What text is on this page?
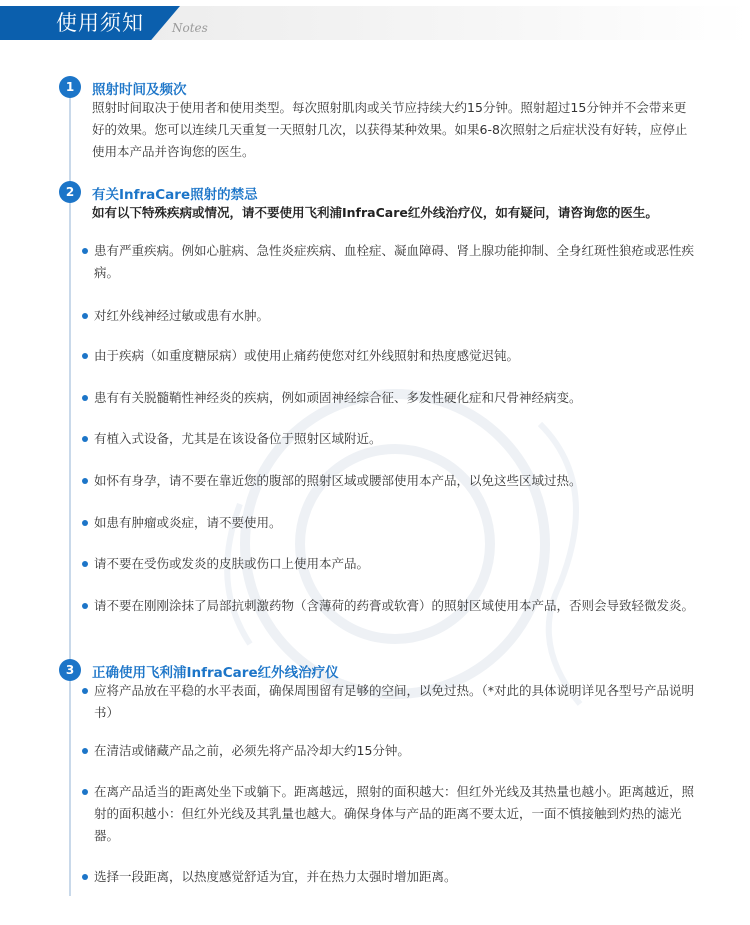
使用须知 Notes
1	照射时间及频次
照射时间取决于使用者和使用类型。每次照射肌肉或关节应持续大约15分钟。照射超过15分钟并不会带来更好的效果。您可以连续几天重复一天照射几次，以获得某种效果。如果6-8次照射之后症状没有好转，应停止使用本产品并咨询您的医生。
2	有关InfraCare照射的禁忌
如有以下特殊疾病或情况，请不要使用飞利浦InfraCare红外线治疗仪，如有疑问，请咨询您的医生。
患有严重疾病。例如心脏病、急性炎症疾病、血栓症、凝血障碍、肾上腺功能抑制、全身红斑性狼疮或恶性疾病。
对红外线神经过敏或患有水肿。
由于疾病（如重度糖尿病）或使用止痛药使您对红外线照射和热度感觉迟钝。
患有有关脱髓鞘性神经炎的疾病，例如顽固神经综合征、多发性硬化症和尺骨神经病变。
有植入式设备，尤其是在该设备位于照射区域附近。
如怀有身孕，请不要在靠近您的腹部的照射区域或腰部使用本产品，以免这些区域过热。
如患有肿瘤或炎症，请不要使用。
请不要在受伤或发炎的皮肤或伤口上使用本产品。
请不要在刚刚涂抹了局部抗刺激药物（含薄荷的药膏或软膏）的照射区域使用本产品，否则会导致轻微发炎。
3	正确使用飞利浦InfraCare红外线治疗仪
应将产品放在平稳的水平表面，确保周围留有足够的空间，以免过热。（*对此的具体说明详见各型号产品说明书）
在清洁或储藏产品之前，必须先将产品冷却大约15分钟。
在离产品适当的距离处坐下或躺下。距离越远，照射的面积越大：但红外光线及其热量也越小。距离越近，照射的面积越小：但红外光线及其乳量也越大。确保身体与产品的距离不要太近，一面不慎接触到灼热的滤光器。
选择一段距离，以热度感觉舒适为宜，并在热力太强时增加距离。
